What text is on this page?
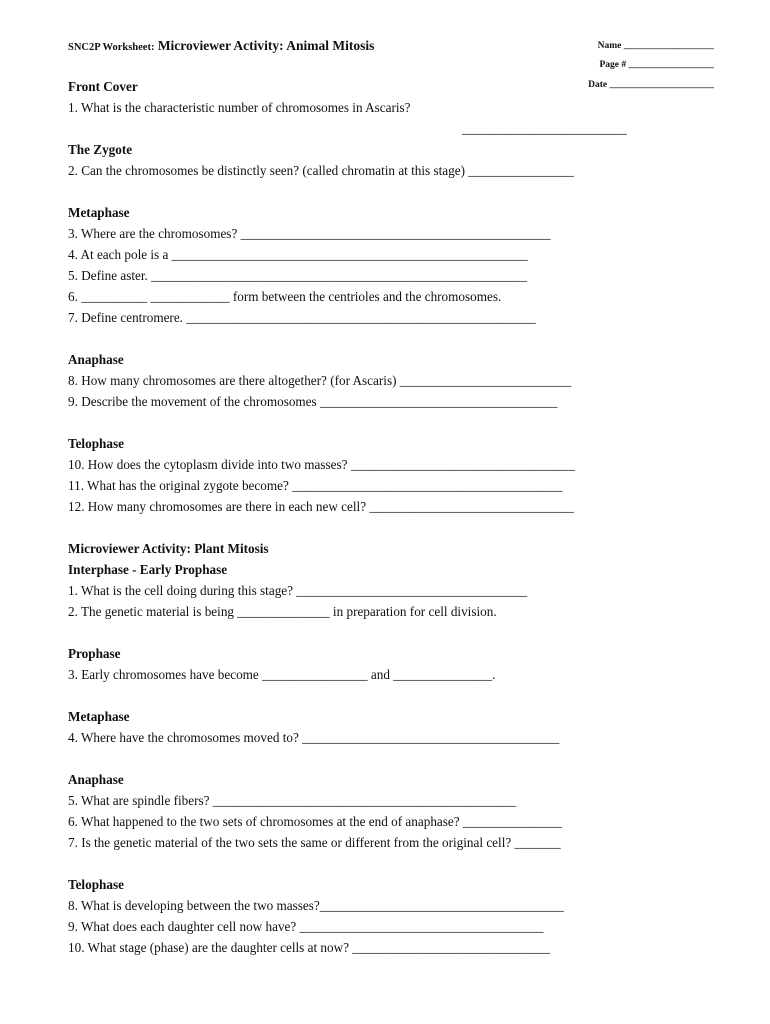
SNC2P Worksheet: Microviewer Activity: Animal Mitosis	Name ___________________
Page # __________________
Date ______________________
Front Cover
1. What is the characteristic number of chromosomes in Ascaris?
_________________________
The Zygote
2. Can the chromosomes be distinctly seen? (called chromatin at this stage) ________________
Metaphase
3. Where are the chromosomes? _______________________________________________
4. At each pole is a ______________________________________________________
5. Define aster. _________________________________________________________
6. __________ ____________ form between the centrioles and the chromosomes.
7. Define centromere. _____________________________________________________
Anaphase
8. How many chromosomes are there altogether? (for Ascaris) __________________________
9. Describe the movement of the chromosomes ____________________________________
Telophase
10. How does the cytoplasm divide into two masses? __________________________________
11. What has the original zygote become? _________________________________________
12. How many chromosomes are there in each new cell? _______________________________
Microviewer Activity: Plant Mitosis
Interphase - Early Prophase
1. What is the cell doing during this stage? ___________________________________
2. The genetic material is being ______________ in preparation for cell division.
Prophase
3. Early chromosomes have become ________________ and _______________.
Metaphase
4. Where have the chromosomes moved to? _______________________________________
Anaphase
5. What are spindle fibers? ______________________________________________
6. What happened to the two sets of chromosomes at the end of anaphase? _______________
7. Is the genetic material of the two sets the same or different from the original cell? _______
Telophase
8. What is developing between the two masses?_____________________________________
9. What does each daughter cell now have? _____________________________________
10. What stage (phase) are the daughter cells at now? ______________________________
